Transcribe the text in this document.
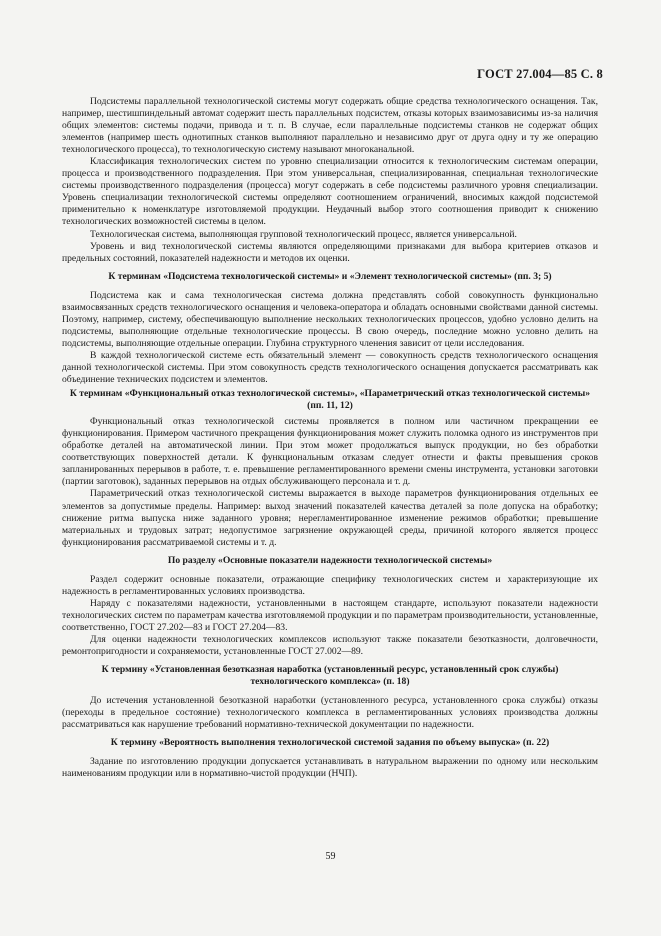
ГОСТ 27.004—85 С. 8

Подсистемы параллельной технологической системы могут содержать общие средства технологического оснащения. Так, например, шестишпиндельный автомат содержит шесть параллельных подсистем, отказы которых взаимозависимы из-за наличия общих элементов: системы подачи, привода и т. п. В случае, если параллельные подсистемы станков не содержат общих элементов (например шесть однотипных станков выполняют параллельно и независимо друг от друга одну и ту же операцию технологического процесса), то технологическую систему называют многоканальной.

Классификация технологических систем по уровню специализации относится к технологическим системам операции, процесса и производственного подразделения. При этом универсальная, специализированная, специальная технологические системы производственного подразделения (процесса) могут содержать в себе подсистемы различного уровня специализации. Уровень специализации технологической системы определяют соотношением ограничений, вносимых каждой подсистемой применительно к номенклатуре изготовляемой продукции. Неудачный выбор этого соотношения приводит к снижению технологических возможностей системы в целом.

Технологическая система, выполняющая групповой технологический процесс, является универсальной.

Уровень и вид технологической системы являются определяющими признаками для выбора критериев отказов и предельных состояний, показателей надежности и методов их оценки.

К терминам «Подсистема технологической системы» и «Элемент технологической системы» (пп. 3; 5)

Подсистема как и сама технологическая система должна представлять собой совокупность функционально взаимосвязанных средств технологического оснащения и человека-оператора и обладать основными свойствами данной системы. Поэтому, например, систему, обеспечивающую выполнение нескольких технологических процессов, удобно условно делить на подсистемы, выполняющие отдельные технологические процессы. В свою очередь, последние можно условно делить на подсистемы, выполняющие отдельные операции. Глубина структурного членения зависит от цели исследования.

В каждой технологической системе есть обязательный элемент — совокупность средств технологического оснащения данной технологической системы. При этом совокупность средств технологического оснащения допускается рассматривать как объединение технических подсистем и элементов.

К терминам «Функциональный отказ технологической системы», «Параметрический отказ технологической системы» (пп. 11, 12)

Функциональный отказ технологической системы проявляется в полном или частичном прекращении ее функционирования. Примером частичного прекращения функционирования может служить поломка одного из инструментов при обработке деталей на автоматической линии. При этом может продолжаться выпуск продукции, но без обработки соответствующих поверхностей детали. К функциональным отказам следует отнести и факты превышения сроков запланированных перерывов в работе, т. е. превышение регламентированного времени смены инструмента, установки заготовки (партии заготовок), заданных перерывов на отдых обслуживающего персонала и т. д.

Параметрический отказ технологической системы выражается в выходе параметров функционирования отдельных ее элементов за допустимые пределы. Например: выход значений показателей качества деталей за поле допуска на обработку; снижение ритма выпуска ниже заданного уровня; нерегламентированное изменение режимов обработки; превышение материальных и трудовых затрат; недопустимое загрязнение окружающей среды, причиной которого является процесс функционирования рассматриваемой системы и т. д.

По разделу «Основные показатели надежности технологической системы»

Раздел содержит основные показатели, отражающие специфику технологических систем и характеризующие их надежность в регламентированных условиях производства.

Наряду с показателями надежности, установленными в настоящем стандарте, используют показатели надежности технологических систем по параметрам качества изготовляемой продукции и по параметрам производительности, установленные, соответственно, ГОСТ 27.202—83 и ГОСТ 27.204—83.

Для оценки надежности технологических комплексов используют также показатели безотказности, долговечности, ремонтопригодности и сохраняемости, установленные ГОСТ 27.002—89.

К термину «Установленная безотказная наработка (установленный ресурс, установленный срок службы) технологического комплекса» (п. 18)

До истечения установленной безотказной наработки (установленного ресурса, установленного срока службы) отказы (переходы в предельное состояние) технологического комплекса в регламентированных условиях производства должны рассматриваться как нарушение требований нормативно-технической документации по надежности.

К термину «Вероятность выполнения технологической системой задания по объему выпуска» (п. 22)

Задание по изготовлению продукции допускается устанавливать в натуральном выражении по одному или нескольким наименованиям продукции или в нормативно-чистой продукции (НЧП).

59
